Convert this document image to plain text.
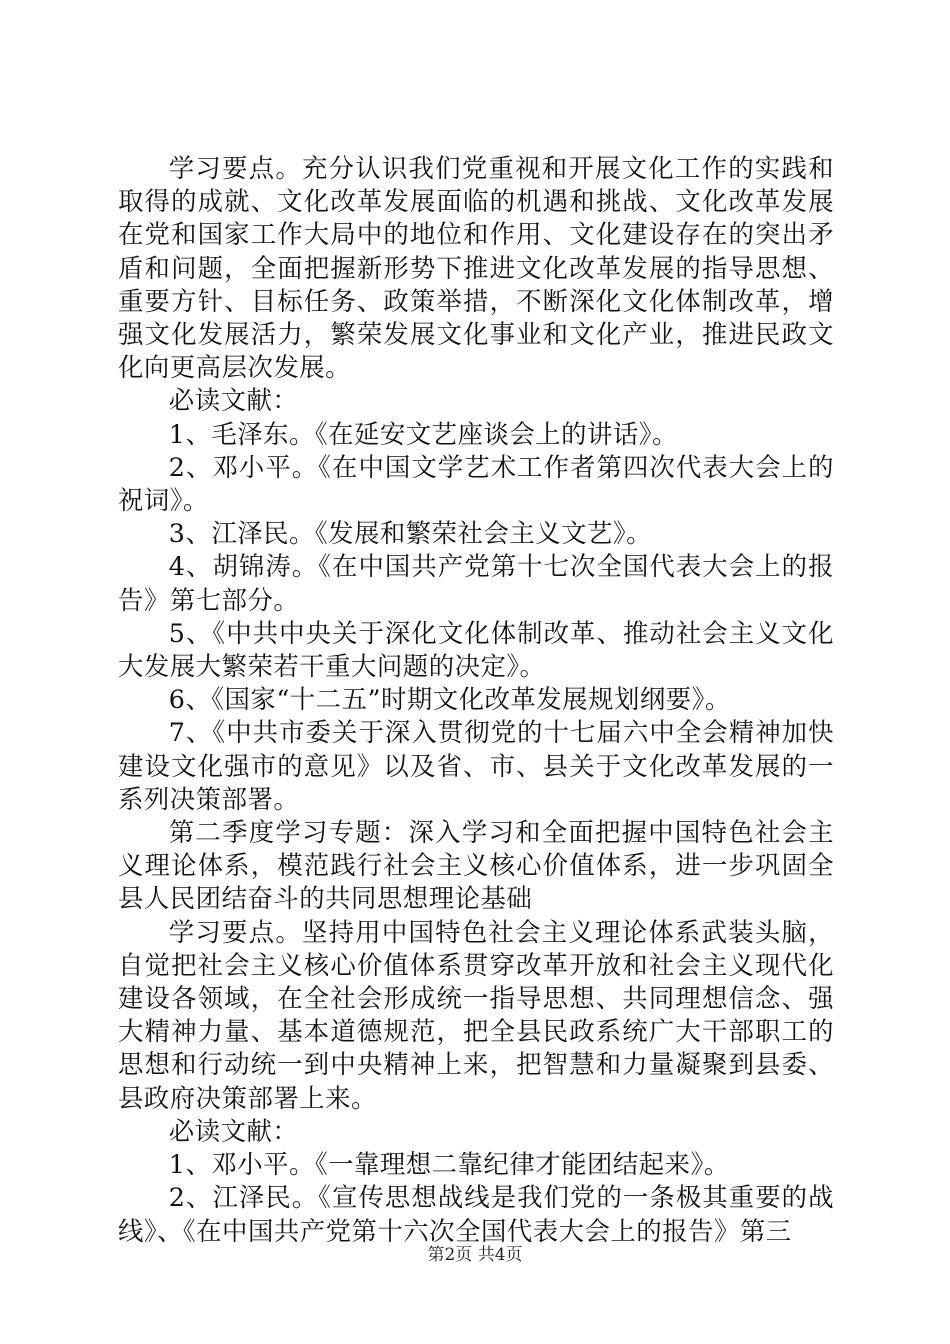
学习要点。充分认识我们党重视和开展文化工作的实践和取得的成就、文化改革发展面临的机遇和挑战、文化改革发展在党和国家工作大局中的地位和作用、文化建设存在的突出矛盾和问题，全面把握新形势下推进文化改革发展的指导思想、重要方针、目标任务、政策举措，不断深化文化体制改革，增强文化发展活力，繁荣发展文化事业和文化产业，推进民政文化向更高层次发展。

必读文献：

1、毛泽东。《在延安文艺座谈会上的讲话》。

2、邓小平。《在中国文学艺术工作者第四次代表大会上的祝词》。

3、江泽民。《发展和繁荣社会主义文艺》。

4、胡锦涛。《在中国共产党第十七次全国代表大会上的报告》第七部分。

5、《中共中央关于深化文化体制改革、推动社会主义文化大发展大繁荣若干重大问题的决定》。

6、《国家“十二五”时期文化改革发展规划纲要》。

7、《中共市委关于深入贯彻党的十七届六中全会精神加快建设文化强市的意见》以及省、市、县关于文化改革发展的一系列决策部署。

第二季度学习专题：深入学习和全面把握中国特色社会主义理论体系，模范践行社会主义核心价值体系，进一步巩固全县人民团结奋斗的共同思想理论基础

学习要点。坚持用中国特色社会主义理论体系武装头脑，自觉把社会主义核心价值体系贯穿改革开放和社会主义现代化建设各领域，在全社会形成统一指导思想、共同理想信念、强大精神力量、基本道德规范，把全县民政系统广大干部职工的思想和行动统一到中央精神上来，把智慧和力量凝聚到县委、县政府决策部署上来。

必读文献：

1、邓小平。《一靠理想二靠纪律才能团结起来》。

2、江泽民。《宣传思想战线是我们党的一条极其重要的战线》、《在中国共产党第十六次全国代表大会上的报告》第三

第2页 共4页
